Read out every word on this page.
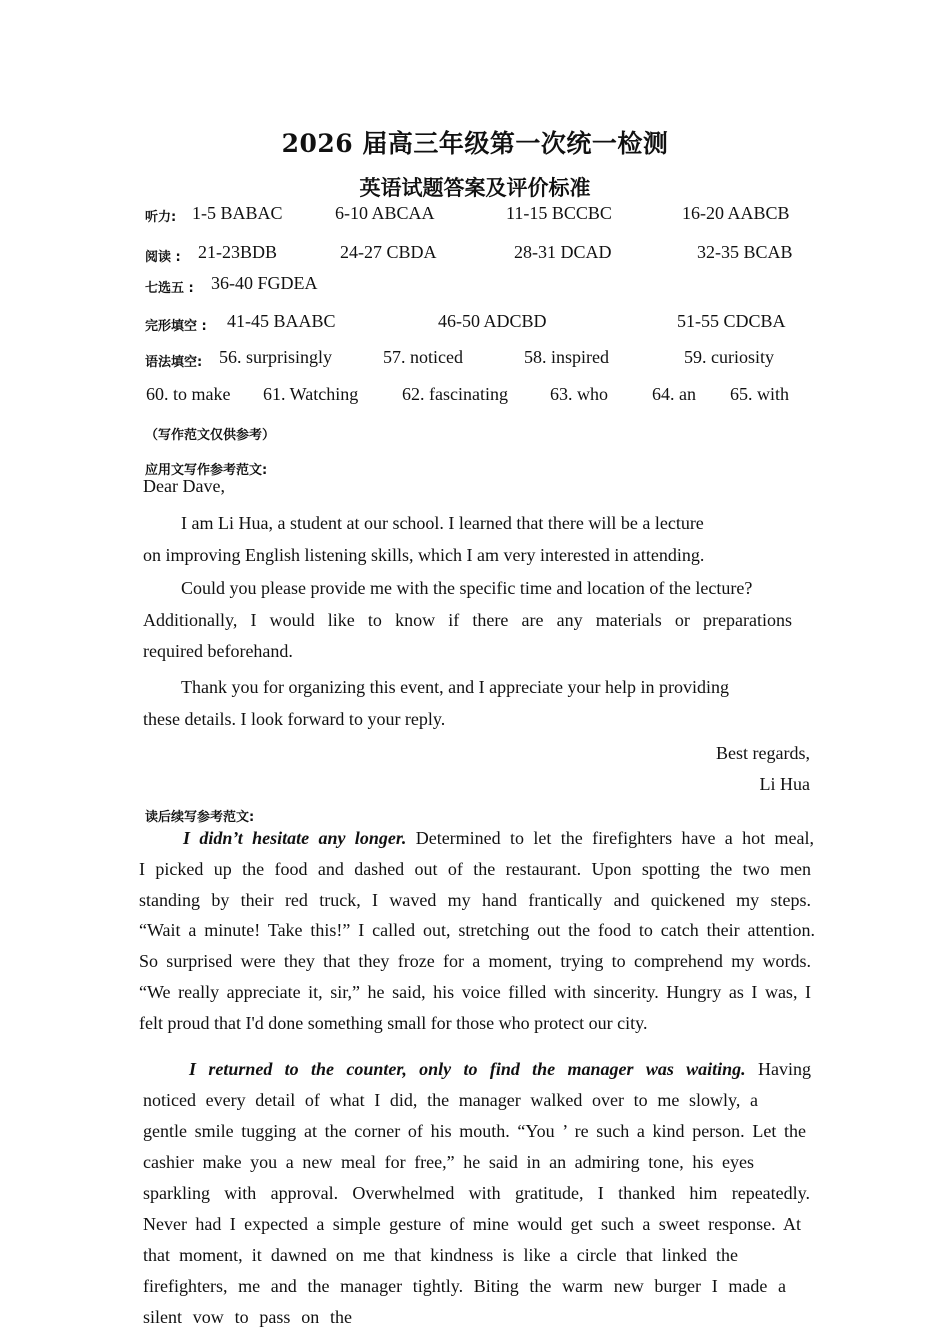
2026 届高三年级第一次统一检测
英语试题答案及评价标准
听力: 1-5 BABAC	6-10 ABCAA	11-15 BCCBC	16-20 AABCB
阅读 : 21-23BDB	24-27 CBDA	28-31 DCAD	32-35 BCAB
七选五 : 36-40 FGDEA
完形填空 : 41-45 BAABC	46-50 ADCBD	51-55 CDCBA
语法填空: 56. surprisingly	57. noticed	58. inspired	59. curiosity
60. to make 61. Watching 62. fascinating 63. who 64. an 65. with
（写作范文仅供参考）
应用文写作参考范文:
Dear Dave,
I am Li Hua, a student at our school. I learned that there will be a lecture
on improving English listening skills, which I am very interested in attending.
Could you please provide me with the specific time and location of the lecture?
Additionally, I would like to know if there are any materials or preparations
required beforehand.
Thank you for organizing this event, and I appreciate your help in providing
these details. I look forward to your reply.
Best regards,
Li Hua
读后续写参考范文:
I didn’t hesitate any longer. Determined to let the firefighters have a hot meal,
I picked up the food and dashed out of the restaurant. Upon spotting the two men
standing by their red truck, I waved my hand frantically and quickened my steps.
“Wait a minute! Take this!” I called out, stretching out the food to catch their attention.
So surprised were they that they froze for a moment, trying to comprehend my words.
“We really appreciate it, sir,” he said, his voice filled with sincerity. Hungry as I was, I
felt proud that I'd done something small for those who protect our city.
I returned to the counter, only to find the manager was waiting. Having
noticed every detail of what I did, the manager walked over to me slowly, a
gentle smile tugging at the corner of his mouth. “You ’ re such a kind person. Let the
cashier make you a new meal for free,” he said in an admiring tone, his eyes
sparkling with approval. Overwhelmed with gratitude, I thanked him repeatedly.
Never had I expected a simple gesture of mine would get such a sweet response. At
that moment, it dawned on me that kindness is like a circle that linked the
firefighters, me and the manager tightly. Biting the warm new burger I made a
silent vow to pass on the
